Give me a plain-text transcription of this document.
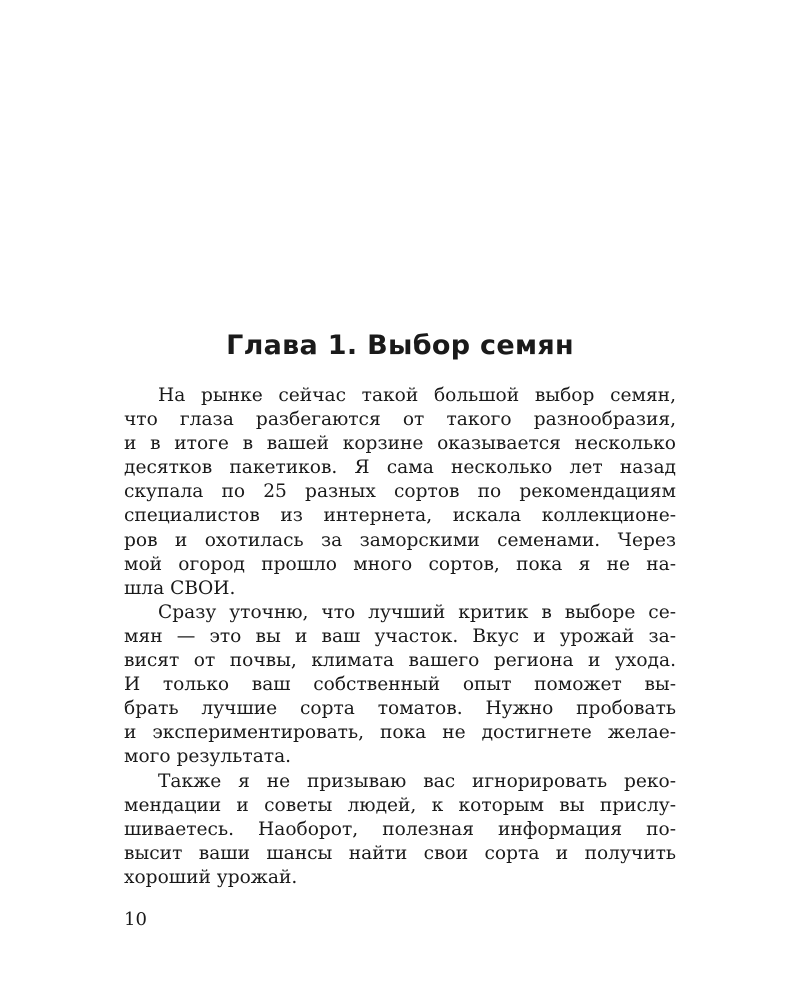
Глава 1. Выбор семян
На рынке сейчас такой большой выбор семян,
что глаза разбегаются от такого разнообразия,
и в итоге в вашей корзине оказывается несколько
десятков пакетиков. Я сама несколько лет назад
скупала по 25 разных сортов по рекомендациям
специалистов из интернета, искала коллекционе-
ров и охотилась за заморскими семенами. Через
мой огород прошло много сортов, пока я не на-
шла СВОИ.
Сразу уточню, что лучший критик в выборе се-
мян — это вы и ваш участок. Вкус и урожай за-
висят от почвы, климата вашего региона и ухода.
И только ваш собственный опыт поможет вы-
брать лучшие сорта томатов. Нужно пробовать
и экспериментировать, пока не достигнете желае-
мого результата.
Также я не призываю вас игнорировать реко-
мендации и советы людей, к которым вы прислу-
шиваетесь. Наоборот, полезная информация по-
высит ваши шансы найти свои сорта и получить
хороший урожай.
10
